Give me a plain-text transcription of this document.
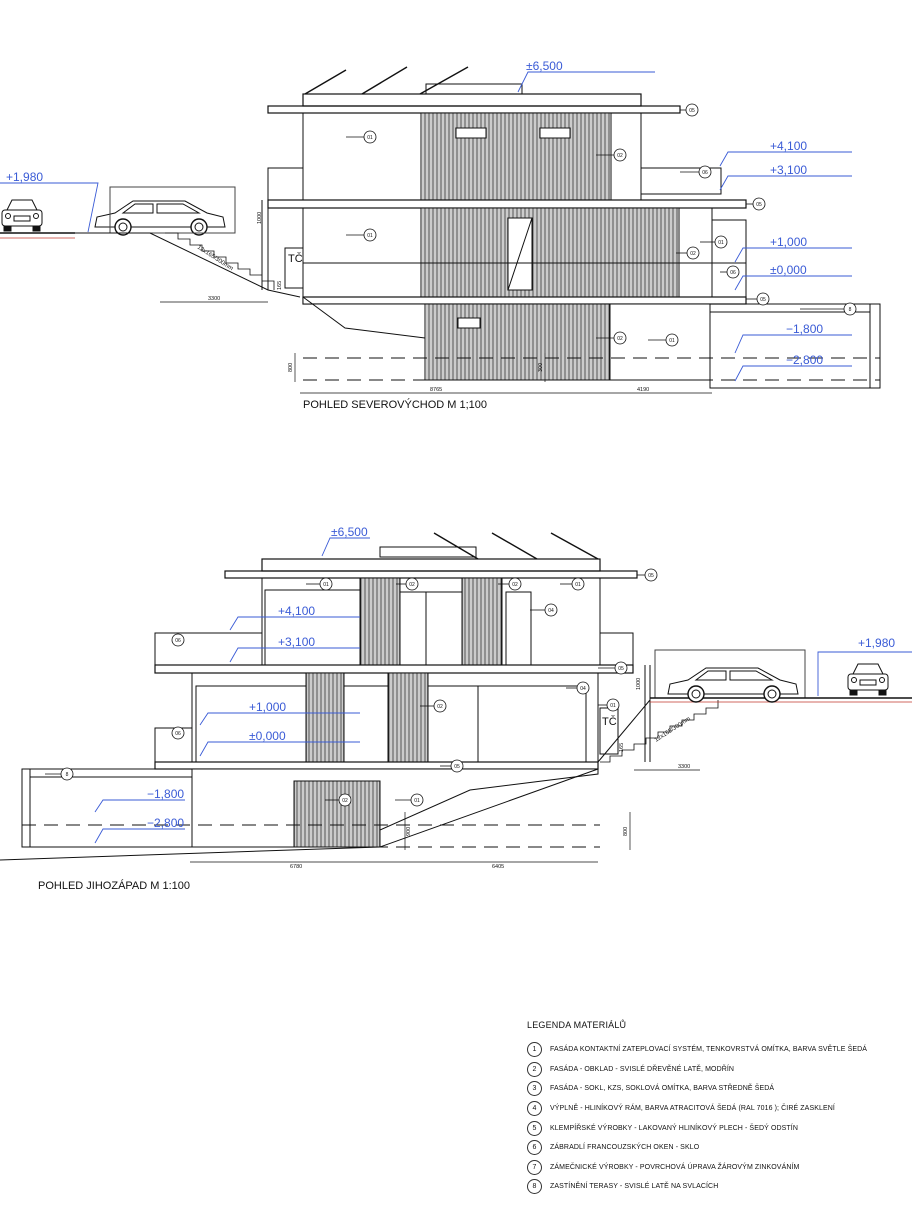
±6,500
+4,100
+3,100
+1,000
±0,000
−1,800
−2,800
+1,980
±6,500
+4,100
+3,100
+1,000
±0,000
−1,800
−2,800
+1,980
POHLED SEVEROVÝCHOD M 1;100
POHLED JIHOZÁPAD M 1:100
TČ
TČ
12x165/300mm
12x165/300mm
3300
8765	4190
800	300
1000
165
6780	6405
3300
900	800
1000
165
05
01
02
06
05
01
01
02
06
05
8
02	01
05
01	02	02	01
04
06
05
04
01
02
06
05
8
02	01
LEGENDA MATERIÁLŮ
1	FASÁDA KONTAKTNÍ ZATEPLOVACÍ SYSTÉM, TENKOVRSTVÁ OMÍTKA, BARVA SVĚTLE ŠEDÁ
2	FASÁDA - OBKLAD - SVISLÉ DŘEVĚNÉ LATĚ, MODŘÍN
3	FASÁDA - SOKL, KZS, SOKLOVÁ OMÍTKA, BARVA STŘEDNĚ ŠEDÁ
4	VÝPLNĚ - HLINÍKOVÝ RÁM, BARVA ATRACITOVÁ ŠEDÁ (RAL 7016 ); ČIRÉ ZASKLENÍ
5	KLEMPÍŘSKÉ VÝROBKY - LAKOVANÝ HLINÍKOVÝ PLECH - ŠEDÝ ODSTÍN
6	ZÁBRADLÍ FRANCOUZSKÝCH OKEN - SKLO
7	ZÁMEČNICKÉ VÝROBKY - POVRCHOVÁ ÚPRAVA ŽÁROVÝM ZINKOVÁNÍM
8	ZASTÍNĚNÍ TERASY - SVISLÉ LATĚ NA SVLACÍCH
